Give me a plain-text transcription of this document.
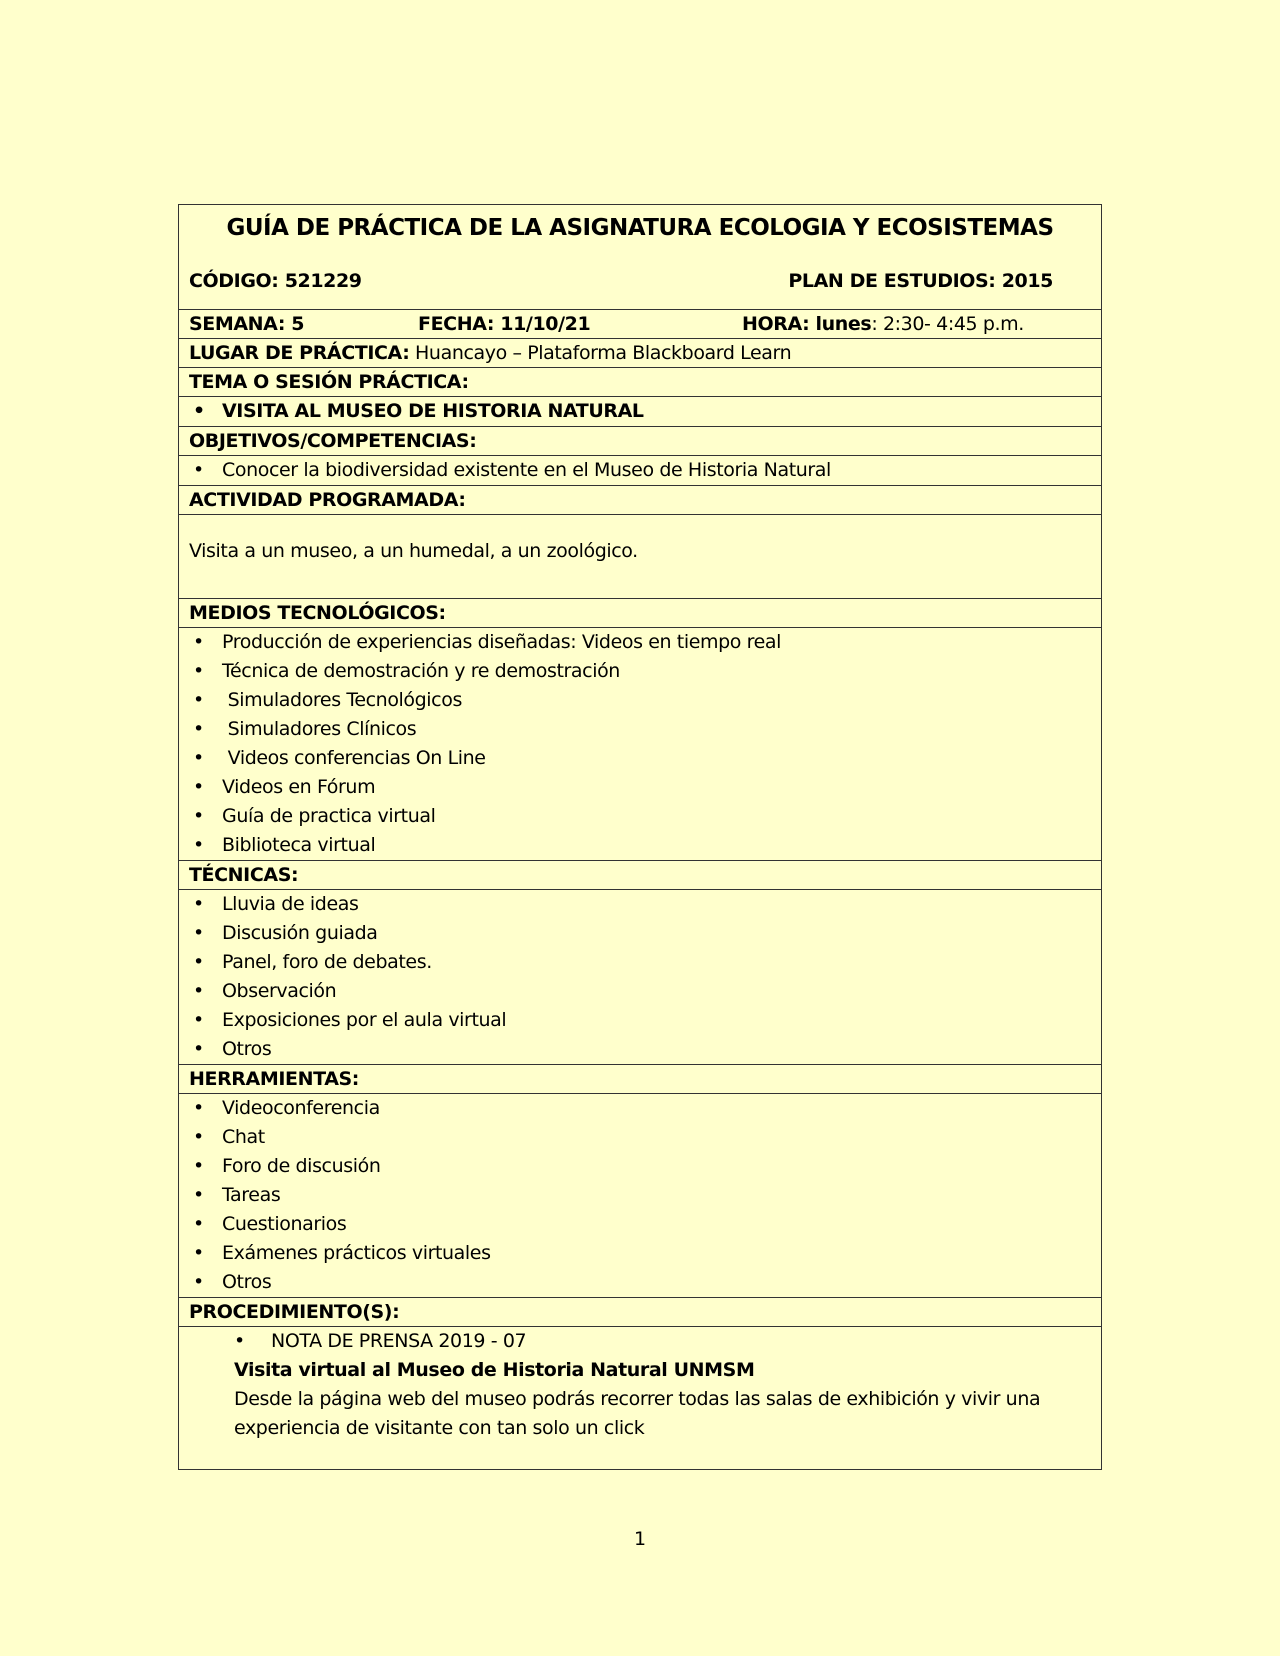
GUÍA DE PRÁCTICA DE LA ASIGNATURA ECOLOGIA Y ECOSISTEMAS
CÓDIGO: 521229	PLAN DE ESTUDIOS: 2015
SEMANA: 5	FECHA: 11/10/21	HORA: lunes: 2:30- 4:45 p.m.
LUGAR DE PRÁCTICA: Huancayo – Plataforma Blackboard Learn
TEMA O SESIÓN PRÁCTICA:
• VISITA AL MUSEO DE HISTORIA NATURAL
OBJETIVOS/COMPETENCIAS:
• Conocer la biodiversidad existente en el Museo de Historia Natural
ACTIVIDAD PROGRAMADA:
Visita a un museo, a un humedal, a un zoológico.
MEDIOS TECNOLÓGICOS:
• Producción de experiencias diseñadas: Videos en tiempo real
• Técnica de demostración y re demostración
• Simuladores Tecnológicos
• Simuladores Clínicos
• Videos conferencias On Line
• Videos en Fórum
• Guía de practica virtual
• Biblioteca virtual
TÉCNICAS:
• Lluvia de ideas
• Discusión guiada
• Panel, foro de debates.
• Observación
• Exposiciones por el aula virtual
• Otros
HERRAMIENTAS:
• Videoconferencia
• Chat
• Foro de discusión
• Tareas
• Cuestionarios
• Exámenes prácticos virtuales
• Otros
PROCEDIMIENTO(S):
• NOTA DE PRENSA 2019 - 07
Visita virtual al Museo de Historia Natural UNMSM
Desde la página web del museo podrás recorrer todas las salas de exhibición y vivir una experiencia de visitante con tan solo un click
1
